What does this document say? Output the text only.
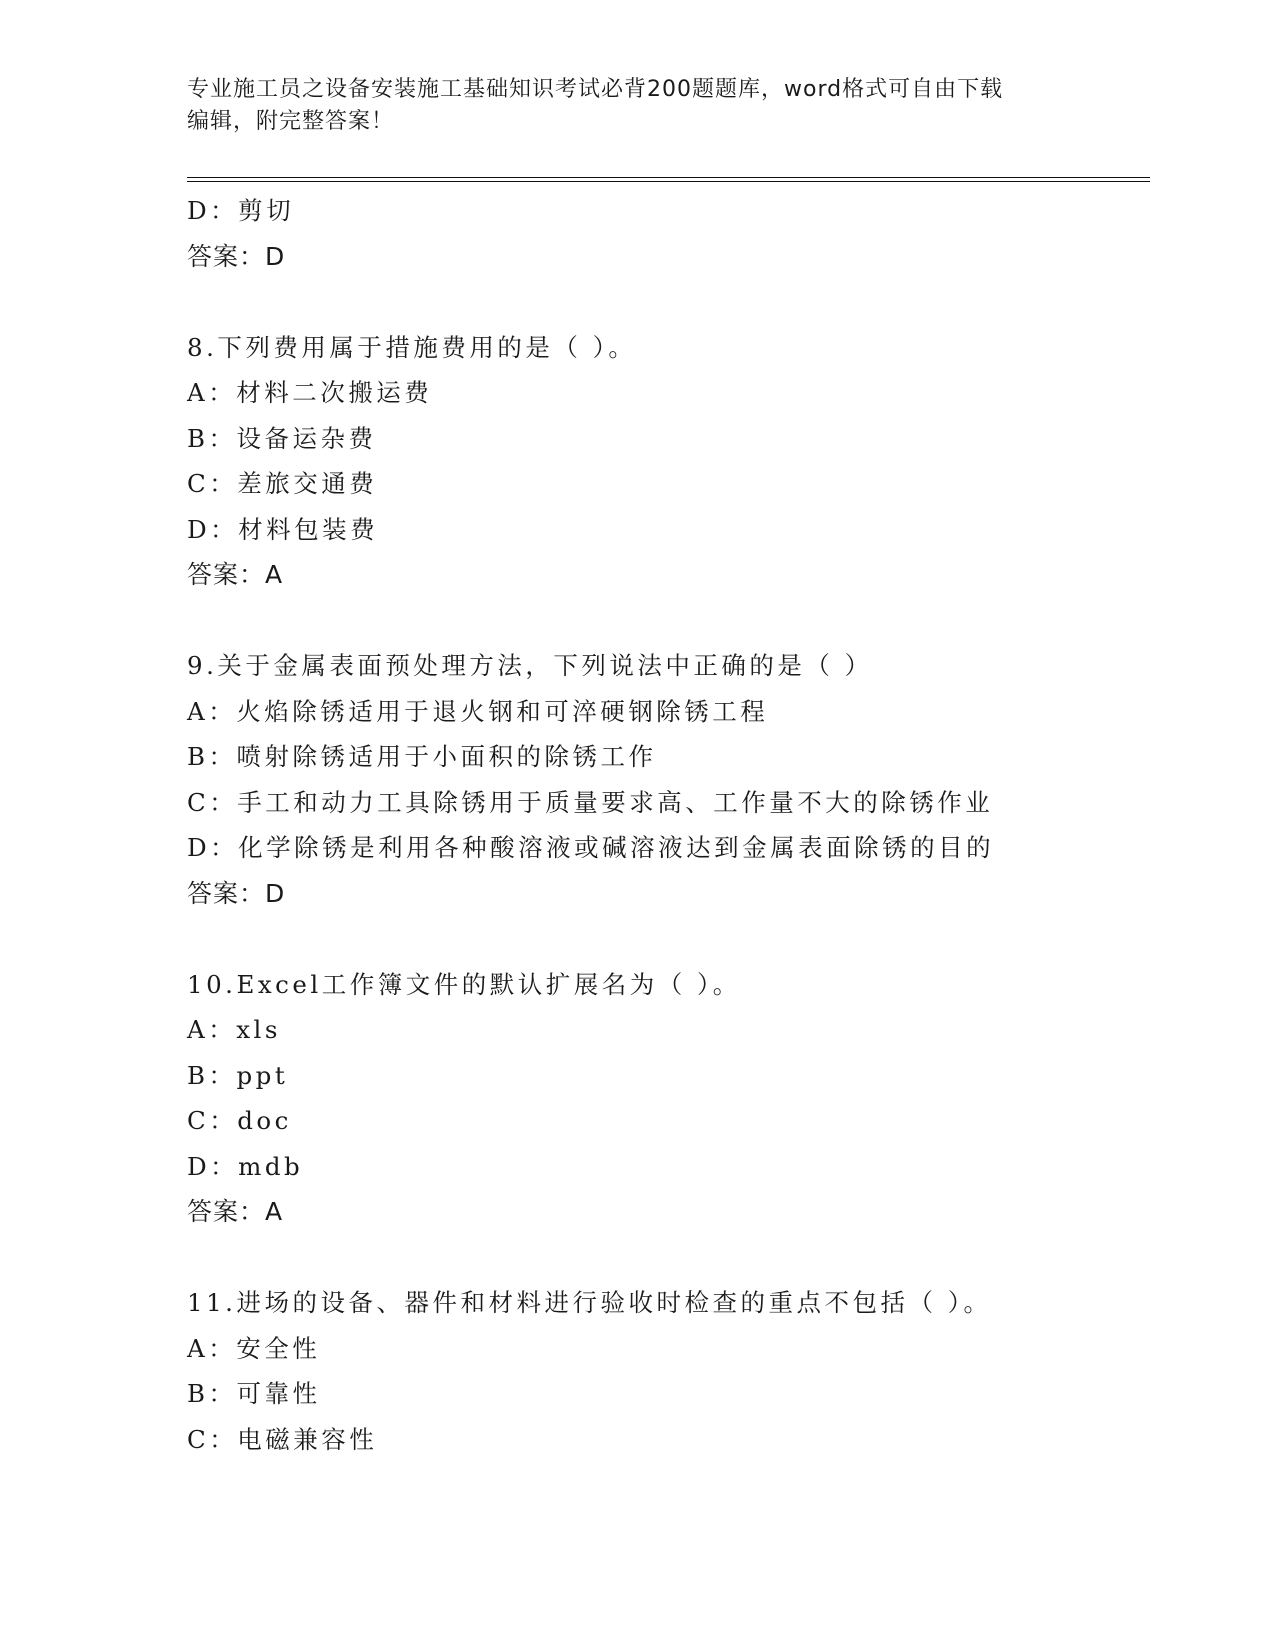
专业施工员之设备安装施工基础知识考试必背200题题库，word格式可自由下载
编辑，附完整答案！
D：剪切
答案：D
8.下列费用属于措施费用的是（ ）。
A：材料二次搬运费
B：设备运杂费
C：差旅交通费
D：材料包装费
答案：A
9.关于金属表面预处理方法，下列说法中正确的是（ ）
A：火焰除锈适用于退火钢和可淬硬钢除锈工程
B：喷射除锈适用于小面积的除锈工作
C：手工和动力工具除锈用于质量要求高、工作量不大的除锈作业
D：化学除锈是利用各种酸溶液或碱溶液达到金属表面除锈的目的
答案：D
10.Excel工作簿文件的默认扩展名为（ ）。
A：xls
B：ppt
C：doc
D：mdb
答案：A
11.进场的设备、器件和材料进行验收时检查的重点不包括（ ）。
A：安全性
B：可靠性
C：电磁兼容性
